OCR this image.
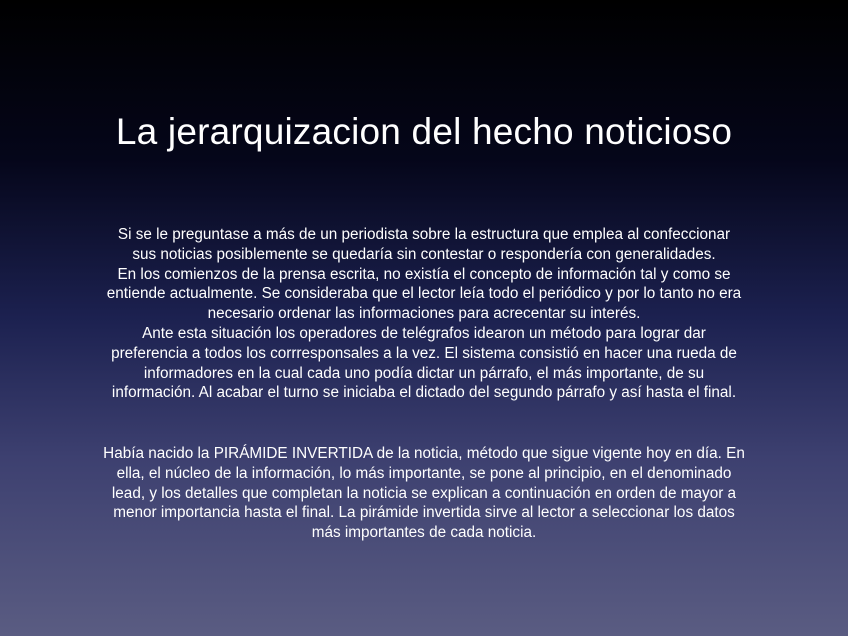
La jerarquizacion del hecho noticioso
Si se le preguntase a más de un periodista sobre la estructura que emplea al confeccionar
sus noticias posiblemente se quedaría sin contestar o respondería con generalidades.
En los comienzos de la prensa escrita, no existía el concepto de información tal y como se
entiende actualmente. Se consideraba que el lector leía todo el periódico y por lo tanto no era
necesario ordenar las informaciones para acrecentar su interés.
Ante esta situación los operadores de telégrafos idearon un método para lograr dar
preferencia a todos los corrresponsales a la vez. El sistema consistió en hacer una rueda de
informadores en la cual cada uno podía dictar un párrafo, el más importante, de su
información. Al acabar el turno se iniciaba el dictado del segundo párrafo y así hasta el final.
Había nacido la PIRÁMIDE INVERTIDA de la noticia, método que sigue vigente hoy en día. En
ella, el núcleo de la información, lo más importante, se pone al principio, en el denominado
lead, y los detalles que completan la noticia se explican a continuación en orden de mayor a
menor importancia hasta el final. La pirámide invertida sirve al lector a seleccionar los datos
más importantes de cada noticia.
